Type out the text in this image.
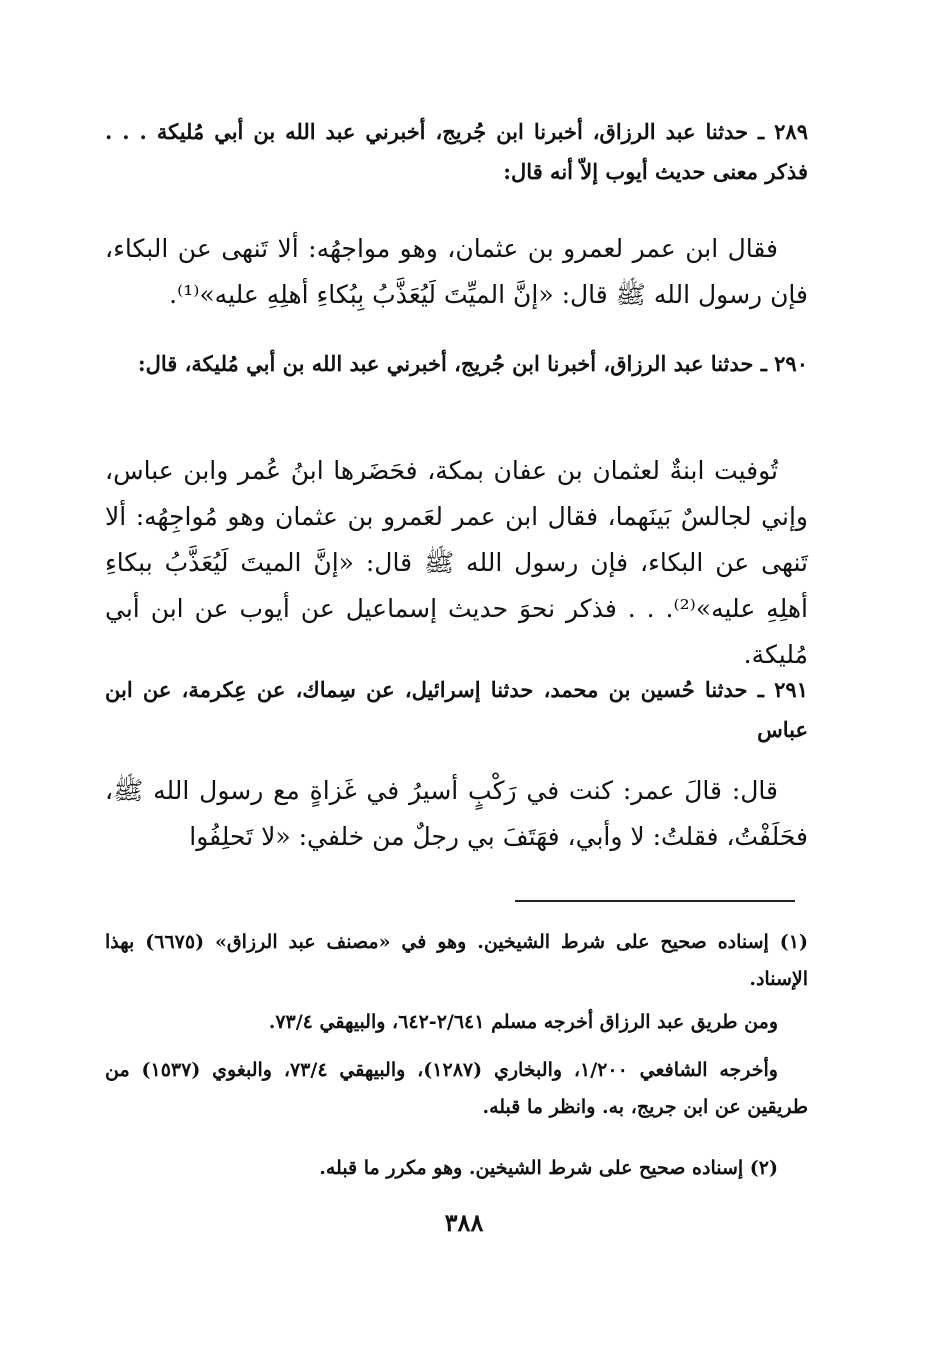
٢٨٩ ـ حدثنا عبد الرزاق، أخبرنا ابن جُريج، أخبرني عبد الله بن أبي مُليكة . . . فذكر معنى حديث أيوب إلاّ أنه قال:

فقال ابن عمر لعمرو بن عثمان، وهو مواجهُه: ألا تَنهى عن البكاء، فإن رسول الله ﷺ قال: «إنَّ الميِّتَ لَيُعَذَّبُ بِبُكاءِ أهلِهِ عليه»⁽¹⁾.

٢٩٠ ـ حدثنا عبد الرزاق، أخبرنا ابن جُريج، أخبرني عبد الله بن أبي مُليكة، قال:

تُوفيت ابنةٌ لعثمان بن عفان بمكة، فحَضَرها ابنُ عُمر وابن عباس، وإني لجالسٌ بَينَهما، فقال ابن عمر لعَمرو بن عثمان وهو مُواجِهُه: ألا تَنهى عن البكاء، فإن رسول الله ﷺ قال: «إنَّ الميتَ لَيُعَذَّبُ ببكاءِ أهلِهِ عليه»⁽²⁾. . . فذكر نحوَ حديث إسماعيل عن أيوب عن ابن أبي مُليكة.

٢٩١ ـ حدثنا حُسين بن محمد، حدثنا إسرائيل، عن سِماك، عن عِكرمة، عن ابن عباس

قال: قالَ عمر: كنت في رَكْبٍ أسيرُ في غَزاةٍ مع رسول الله ﷺ، فحَلَفْتُ، فقلتُ: لا وأبي، فهَتَفَ بي رجلٌ من خلفي: «لا تَحلِفُوا

(١) إسناده صحيح على شرط الشيخين. وهو في «مصنف عبد الرزاق» (٦٦٧٥) بهذا الإسناد.

ومن طريق عبد الرزاق أخرجه مسلم ٢/٦٤١-٦٤٢، والبيهقي ٧٣/٤.

وأخرجه الشافعي ١/٢٠٠، والبخاري (١٢٨٧)، والبيهقي ٧٣/٤، والبغوي (١٥٣٧) من طريقين عن ابن جريج، به. وانظر ما قبله.

(٢) إسناده صحيح على شرط الشيخين. وهو مكرر ما قبله.

٣٨٨
